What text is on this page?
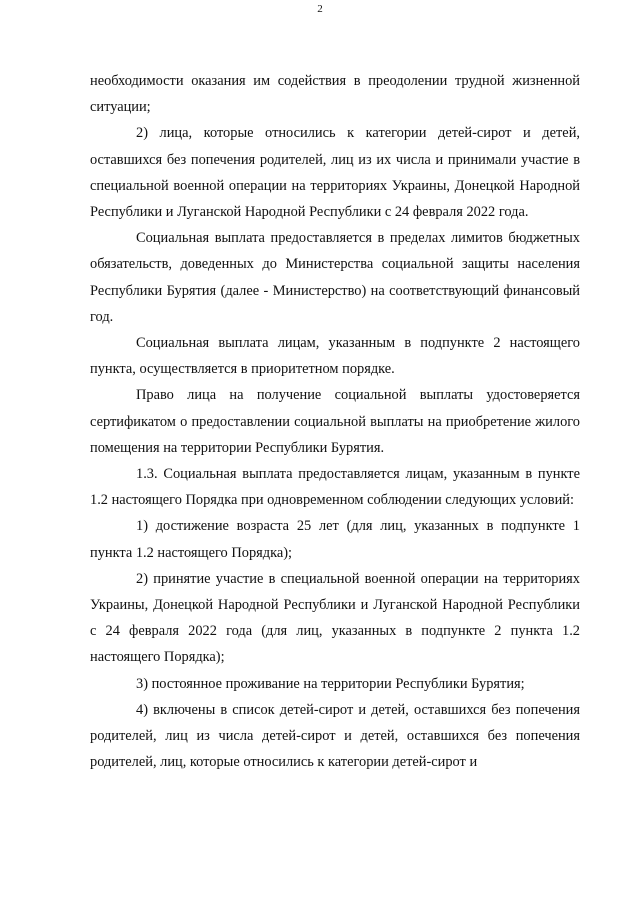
2

необходимости оказания им содействия в преодолении трудной жизненной ситуации;

2) лица, которые относились к категории детей-сирот и детей, оставшихся без попечения родителей, лиц из их числа и принимали участие в специальной военной операции на территориях Украины, Донецкой Народной Республики и Луганской Народной Республики с 24 февраля 2022 года.

Социальная выплата предоставляется в пределах лимитов бюджетных обязательств, доведенных до Министерства социальной защиты населения Республики Бурятия (далее - Министерство) на соответствующий финансовый год.

Социальная выплата лицам, указанным в подпункте 2 настоящего пункта, осуществляется в приоритетном порядке.

Право лица на получение социальной выплаты удостоверяется сертификатом о предоставлении социальной выплаты на приобретение жилого помещения на территории Республики Бурятия.

1.3. Социальная выплата предоставляется лицам, указанным в пункте 1.2 настоящего Порядка при одновременном соблюдении следующих условий:

1) достижение возраста 25 лет (для лиц, указанных в подпункте 1 пункта 1.2 настоящего Порядка);

2) принятие участие в специальной военной операции на территориях Украины, Донецкой Народной Республики и Луганской Народной Республики с 24 февраля 2022 года (для лиц, указанных в подпункте 2 пункта 1.2 настоящего Порядка);

3) постоянное проживание на территории Республики Бурятия;

4) включены в список детей-сирот и детей, оставшихся без попечения родителей, лиц из числа детей-сирот и детей, оставшихся без попечения родителей, лиц, которые относились к категории детей-сирот и
